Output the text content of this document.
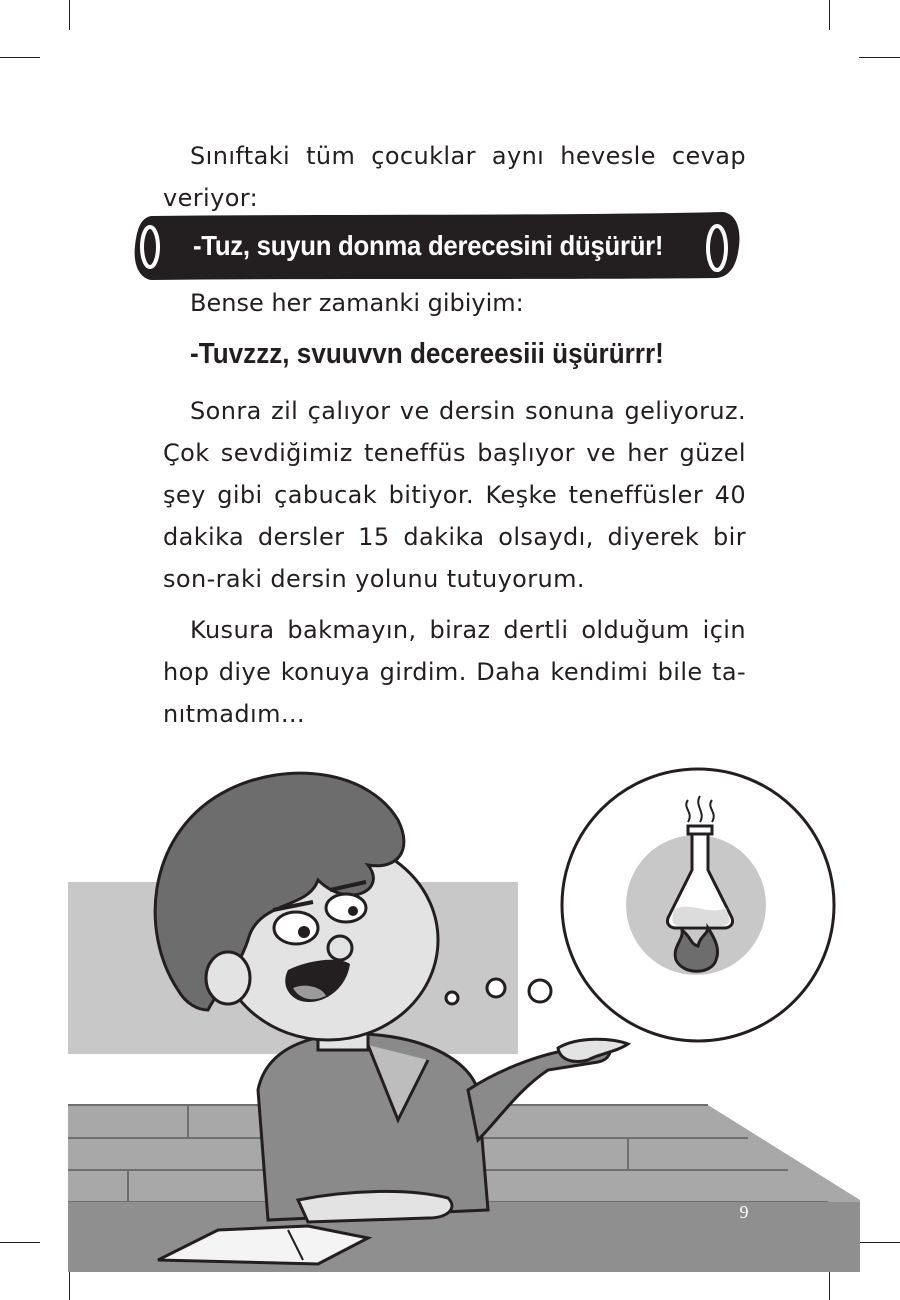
Sınıftaki tüm çocuklar aynı hevesle cevap veriyor:

-Tuz, suyun donma derecesini düşürür!
Bense her zamanki gibiyim:
-Tuvzzz, svuuvvn decereesiii üşürürrr!

Sonra zil çalıyor ve dersin sonuna geliyoruz. Çok sevdiğimiz teneffüs başlıyor ve her güzel şey gibi çabucak bitiyor. Keşke teneffüsler 40 dakika dersler 15 dakika olsaydı, diyerek bir son-raki dersin yolunu tutuyorum.

Kusura bakmayın, biraz dertli olduğum için hop diye konuya girdim. Daha kendimi bile ta-nıtmadım...

9
